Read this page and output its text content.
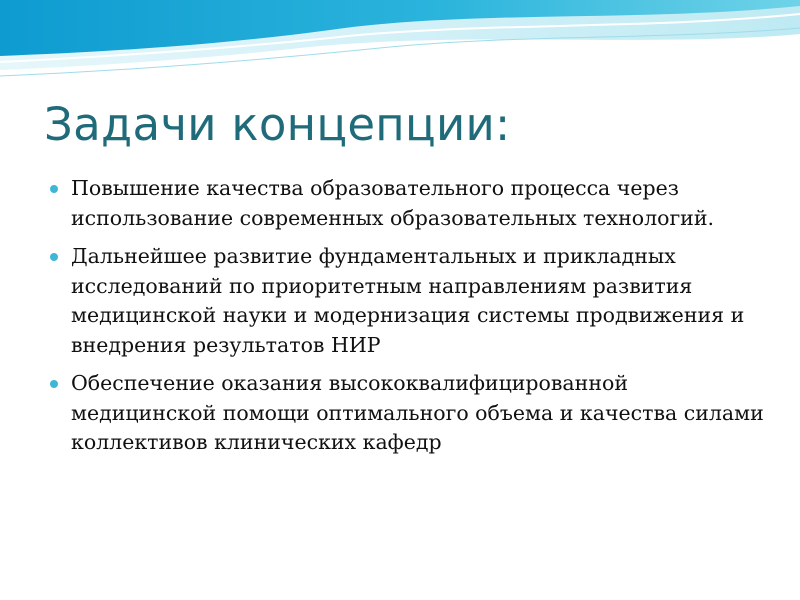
Задачи концепции:
Повышение качества образовательного процесса через использование современных образовательных технологий.
Дальнейшее развитие фундаментальных и прикладных исследований по приоритетным направлениям развития медицинской науки и модернизация системы продвижения и внедрения результатов НИР
Обеспечение оказания высококвалифицированной медицинской помощи оптимального объема и качества силами коллективов клинических кафедр
